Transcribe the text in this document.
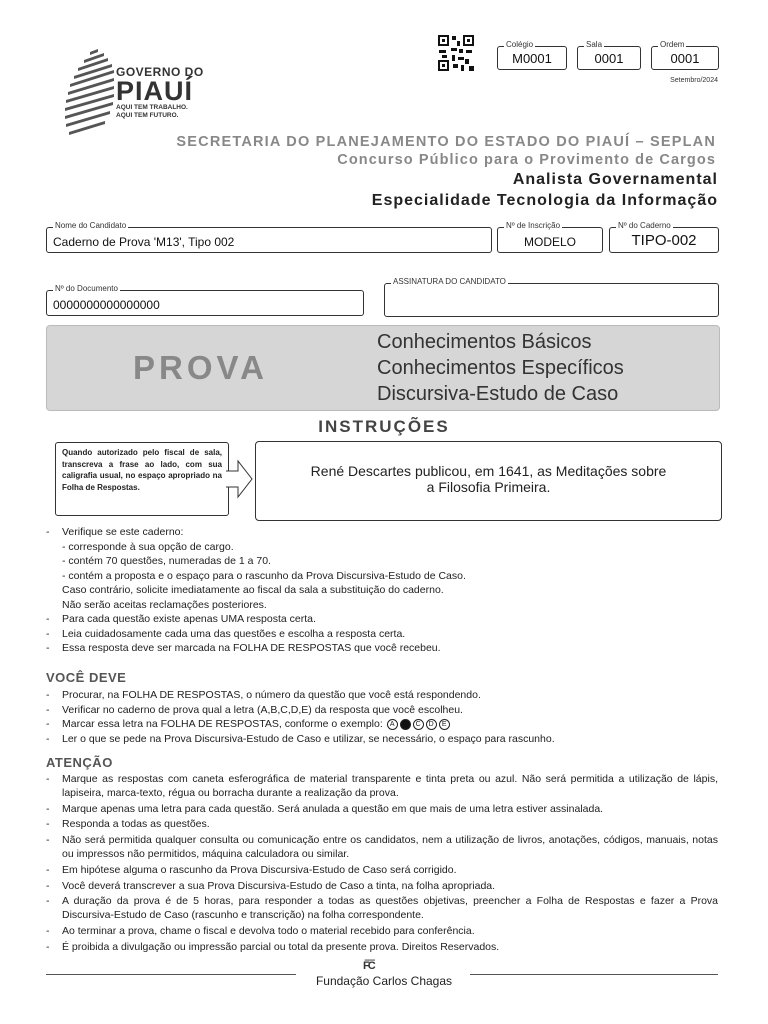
GOVERNO DO
PIAUÍ
AQUI TEM TRABALHO.
AQUI TEM FUTURO.
Colégio
M0001
Sala
0001
Ordem
0001
Setembro/2024
SECRETARIA DO PLANEJAMENTO DO ESTADO DO PIAUÍ – SEPLAN
Concurso Público para o Provimento de Cargos
Analista Governamental
Especialidade Tecnologia da Informação
Nome do Candidato
Caderno de Prova 'M13', Tipo 002
Nº de Inscrição
MODELO
Nº do Caderno
TIPO-002
Nº do Documento
0000000000000000
ASSINATURA DO CANDIDATO
PROVA
Conhecimentos Básicos
Conhecimentos Específicos
Discursiva-Estudo de Caso
INSTRUÇÕES
Quando autorizado pelo fiscal de sala, transcreva a frase ao lado, com sua caligrafia usual, no espaço apropriado na Folha de Respostas.
René Descartes publicou, em 1641, as Meditações sobre
a Filosofia Primeira.
-	Verifique se este caderno:
- corresponde à sua opção de cargo.
- contém 70 questões, numeradas de 1 a 70.
- contém a proposta e o espaço para o rascunho da Prova Discursiva-Estudo de Caso.
Caso contrário, solicite imediatamente ao fiscal da sala a substituição do caderno.
Não serão aceitas reclamações posteriores.
-	Para cada questão existe apenas UMA resposta certa.
-	Leia cuidadosamente cada uma das questões e escolha a resposta certa.
-	Essa resposta deve ser marcada na FOLHA DE RESPOSTAS que você recebeu.
VOCÊ DEVE
-	Procurar, na FOLHA DE RESPOSTAS, o número da questão que você está respondendo.
-	Verificar no caderno de prova qual a letra (A,B,C,D,E) da resposta que você escolheu.
-	Marcar essa letra na FOLHA DE RESPOSTAS, conforme o exemplo: A B C D E
-	Ler o que se pede na Prova Discursiva-Estudo de Caso e utilizar, se necessário, o espaço para rascunho.
ATENÇÃO
-	Marque as respostas com caneta esferográfica de material transparente e tinta preta ou azul. Não será permitida a utilização de lápis, lapiseira, marca-texto, régua ou borracha durante a realização da prova.
-	Marque apenas uma letra para cada questão. Será anulada a questão em que mais de uma letra estiver assinalada.
-	Responda a todas as questões.
-	Não será permitida qualquer consulta ou comunicação entre os candidatos, nem a utilização de livros, anotações, códigos, manuais, notas ou impressos não permitidos, máquina calculadora ou similar.
-	Em hipótese alguma o rascunho da Prova Discursiva-Estudo de Caso será corrigido.
-	Você deverá transcrever a sua Prova Discursiva-Estudo de Caso a tinta, na folha apropriada.
-	A duração da prova é de 5 horas, para responder a todas as questões objetivas, preencher a Folha de Respostas e fazer a Prova Discursiva-Estudo de Caso (rascunho e transcrição) na folha correspondente.
-	Ao terminar a prova, chame o fiscal e devolva todo o material recebido para conferência.
-	É proibida a divulgação ou impressão parcial ou total da presente prova. Direitos Reservados.
F͞C
Fundação Carlos Chagas
